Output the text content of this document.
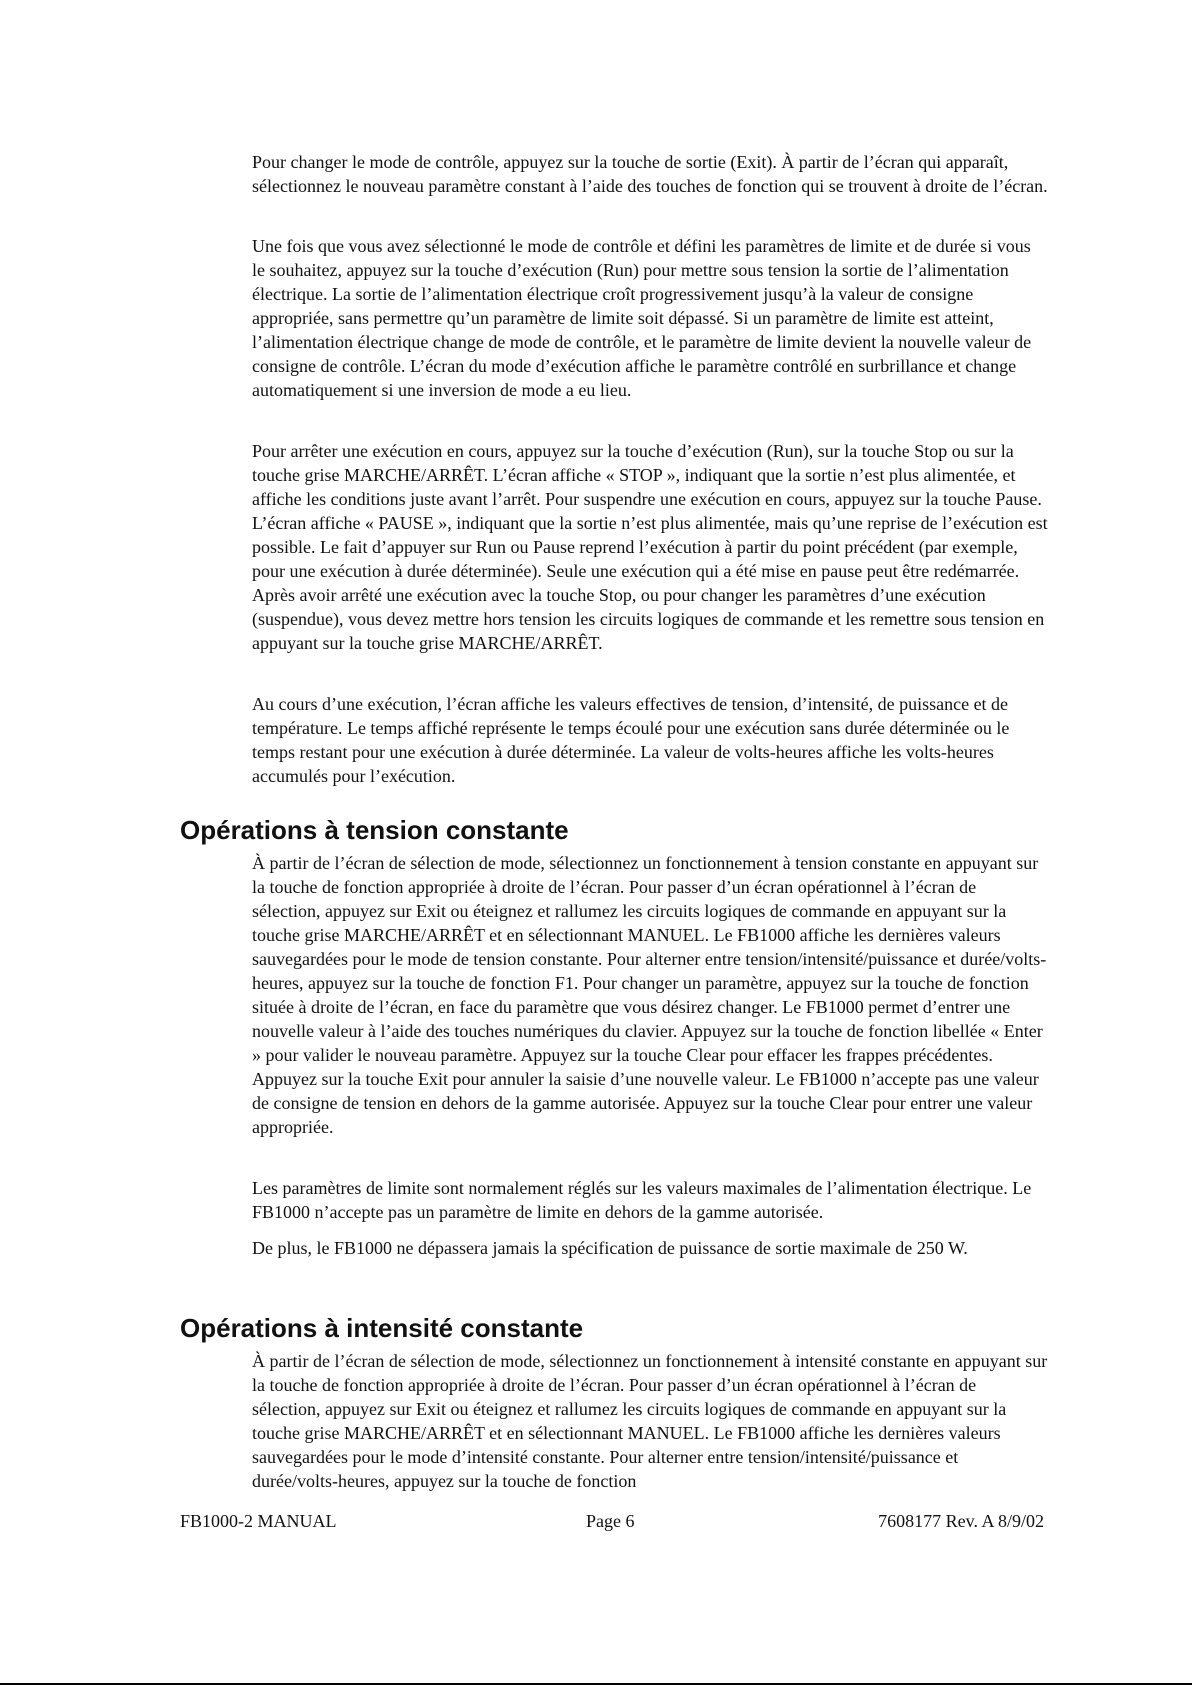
Pour changer le mode de contrôle, appuyez sur la touche de sortie (Exit). À partir de l’écran qui apparaît, sélectionnez le nouveau paramètre constant à l’aide des touches de fonction qui se trouvent à droite de l’écran.

Une fois que vous avez sélectionné le mode de contrôle et défini les paramètres de limite et de durée si vous le souhaitez, appuyez sur la touche d’exécution (Run) pour mettre sous tension la sortie de l’alimentation électrique. La sortie de l’alimentation électrique croît progressivement jusqu’à la valeur de consigne appropriée, sans permettre qu’un paramètre de limite soit dépassé. Si un paramètre de limite est atteint, l’alimentation électrique change de mode de contrôle, et le paramètre de limite devient la nouvelle valeur de consigne de contrôle. L’écran du mode d’exécution affiche le paramètre contrôlé en surbrillance et change automatiquement si une inversion de mode a eu lieu.

Pour arrêter une exécution en cours, appuyez sur la touche d’exécution (Run), sur la touche Stop ou sur la touche grise MARCHE/ARRÊT. L’écran affiche « STOP », indiquant que la sortie n’est plus alimentée, et affiche les conditions juste avant l’arrêt. Pour suspendre une exécution en cours, appuyez sur la touche Pause. L’écran affiche « PAUSE », indiquant que la sortie n’est plus alimentée, mais qu’une reprise de l’exécution est possible. Le fait d’appuyer sur Run ou Pause reprend l’exécution à partir du point précédent (par exemple, pour une exécution à durée déterminée). Seule une exécution qui a été mise en pause peut être redémarrée. Après avoir arrêté une exécution avec la touche Stop, ou pour changer les paramètres d’une exécution (suspendue), vous devez mettre hors tension les circuits logiques de commande et les remettre sous tension en appuyant sur la touche grise MARCHE/ARRÊT.

Au cours d’une exécution, l’écran affiche les valeurs effectives de tension, d’intensité, de puissance et de température. Le temps affiché représente le temps écoulé pour une exécution sans durée déterminée ou le temps restant pour une exécution à durée déterminée. La valeur de volts-heures affiche les volts-heures accumulés pour l’exécution.

Opérations à tension constante

À partir de l’écran de sélection de mode, sélectionnez un fonctionnement à tension constante en appuyant sur la touche de fonction appropriée à droite de l’écran. Pour passer d’un écran opérationnel à l’écran de sélection, appuyez sur Exit ou éteignez et rallumez les circuits logiques de commande en appuyant sur la touche grise MARCHE/ARRÊT et en sélectionnant MANUEL. Le FB1000 affiche les dernières valeurs sauvegardées pour le mode de tension constante. Pour alterner entre tension/intensité/puissance et durée/volts-heures, appuyez sur la touche de fonction F1. Pour changer un paramètre, appuyez sur la touche de fonction située à droite de l’écran, en face du paramètre que vous désirez changer. Le FB1000 permet d’entrer une nouvelle valeur à l’aide des touches numériques du clavier. Appuyez sur la touche de fonction libellée « Enter » pour valider le nouveau paramètre. Appuyez sur la touche Clear pour effacer les frappes précédentes. Appuyez sur la touche Exit pour annuler la saisie d’une nouvelle valeur. Le FB1000 n’accepte pas une valeur de consigne de tension en dehors de la gamme autorisée. Appuyez sur la touche Clear pour entrer une valeur appropriée.

Les paramètres de limite sont normalement réglés sur les valeurs maximales de l’alimentation électrique. Le FB1000 n’accepte pas un paramètre de limite en dehors de la gamme autorisée.

De plus, le FB1000 ne dépassera jamais la spécification de puissance de sortie maximale de 250 W.

Opérations à intensité constante

À partir de l’écran de sélection de mode, sélectionnez un fonctionnement à intensité constante en appuyant sur la touche de fonction appropriée à droite de l’écran. Pour passer d’un écran opérationnel à l’écran de sélection, appuyez sur Exit ou éteignez et rallumez les circuits logiques de commande en appuyant sur la touche grise MARCHE/ARRÊT et en sélectionnant MANUEL. Le FB1000 affiche les dernières valeurs sauvegardées pour le mode d’intensité constante. Pour alterner entre tension/intensité/puissance et durée/volts-heures, appuyez sur la touche de fonction

FB1000-2 MANUAL	Page 6	7608177 Rev. A 8/9/02
